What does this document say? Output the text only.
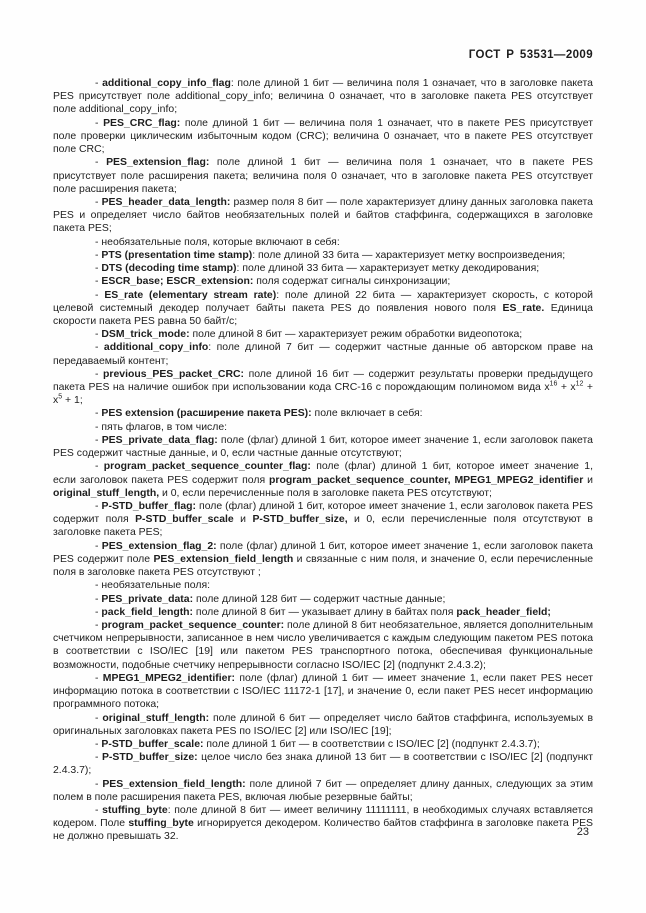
ГОСТ Р 53531—2009

- additional_copy_info_flag: поле длиной 1 бит — величина поля 1 означает, что в заголовке пакета PES присутствует поле additional_copy_info; величина 0 означает, что в заголовке пакета PES отсутствует поле additional_copy_info;

- PES_CRC_flag: поле длиной 1 бит — величина поля 1 означает, что в пакете PES присутствует поле проверки циклическим избыточным кодом (CRC); величина 0 означает, что в пакете PES отсутствует поле CRC;

- PES_extension_flag: поле длиной 1 бит — величина поля 1 означает, что в пакете PES присутствует поле расширения пакета; величина поля 0 означает, что в заголовке пакета PES отсутствует поле расширения пакета;

- PES_header_data_length: размер поля 8 бит — поле характеризует длину данных заголовка пакета PES и определяет число байтов необязательных полей и байтов стаффинга, содержащихся в заголовке пакета PES;

- необязательные поля, которые включают в себя:

- PTS (presentation time stamp): поле длиной 33 бита — характеризует метку воспроизведения;

- DTS (decoding time stamp): поле длиной 33 бита — характеризует метку декодирования;

- ESCR_base; ESCR_extension: поля содержат сигналы синхронизации;

- ES_rate (elementary stream rate): поле длиной 22 бита — характеризует скорость, с которой целевой системный декодер получает байты пакета PES до появления нового поля ES_rate. Единица скорости пакета PES равна 50 байт/с;

- DSM_trick_mode: поле длиной 8 бит — характеризует режим обработки видеопотока;

- additional_copy_info: поле длиной 7 бит — содержит частные данные об авторском праве на передаваемый контент;

- previous_PES_packet_CRC: поле длиной 16 бит — содержит результаты проверки предыдущего пакета PES на наличие ошибок при использовании кода CRC-16 с порождающим полиномом вида $x^{16} + x^{12} + x^5 + 1$;

- PES extension (расширение пакета PES): поле включает в себя:

- пять флагов, в том числе:

- PES_private_data_flag: поле (флаг) длиной 1 бит, которое имеет значение 1, если заголовок пакета PES содержит частные данные, и 0, если частные данные отсутствуют;

- program_packet_sequence_counter_flag: поле (флаг) длиной 1 бит, которое имеет значение 1, если заголовок пакета PES содержит поля program_packet_sequence_counter, MPEG1_MPEG2_identifier и original_stuff_length, и 0, если перечисленные поля в заголовке пакета PES отсутствуют;

- P-STD_buffer_flag: поле (флаг) длиной 1 бит, которое имеет значение 1, если заголовок пакета PES содержит поля P-STD_buffer_scale и P-STD_buffer_size, и 0, если перечисленные поля отсутствуют в заголовке пакета PES;

- PES_extension_flag_2: поле (флаг) длиной 1 бит, которое имеет значение 1, если заголовок пакета PES содержит поле PES_extension_field_length и связанные с ним поля, и значение 0, если перечисленные поля в заголовке пакета PES отсутствуют ;

- необязательные поля:

- PES_private_data: поле длиной 128 бит — содержит частные данные;

- pack_field_length: поле длиной 8 бит — указывает длину в байтах поля pack_header_field;

- program_packet_sequence_counter: поле длиной 8 бит необязательное, является дополнительным счетчиком непрерывности, записанное в нем число увеличивается с каждым следующим пакетом PES потока в соответствии с ISO/IEC [19] или пакетом PES транспортного потока, обеспечивая функциональные возможности, подобные счетчику непрерывности согласно ISO/IEC [2] (подпункт 2.4.3.2);

- MPEG1_MPEG2_identifier: поле (флаг) длиной 1 бит — имеет значение 1, если пакет PES несет информацию потока в соответствии с ISO/IEC 11172-1 [17], и значение 0, если пакет PES несет информацию программного потока;

- original_stuff_length: поле длиной 6 бит — определяет число байтов стаффинга, используемых в оригинальных заголовках пакета PES по ISO/IEC [2] или ISO/IEC [19];

- P-STD_buffer_scale: поле длиной 1 бит — в соответствии с ISO/IEC [2] (подпункт 2.4.3.7);

- P-STD_buffer_size: целое число без знака длиной 13 бит — в соответствии с ISO/IEC [2] (подпункт 2.4.3.7);

- PES_extension_field_length: поле длиной 7 бит — определяет длину данных, следующих за этим полем в поле расширения пакета PES, включая любые резервные байты;

- stuffing_byte: поле длиной 8 бит — имеет величину 11111111, в необходимых случаях вставляется кодером. Поле stuffing_byte игнорируется декодером. Количество байтов стаффинга в заголовке пакета PES не должно превышать 32.	23
